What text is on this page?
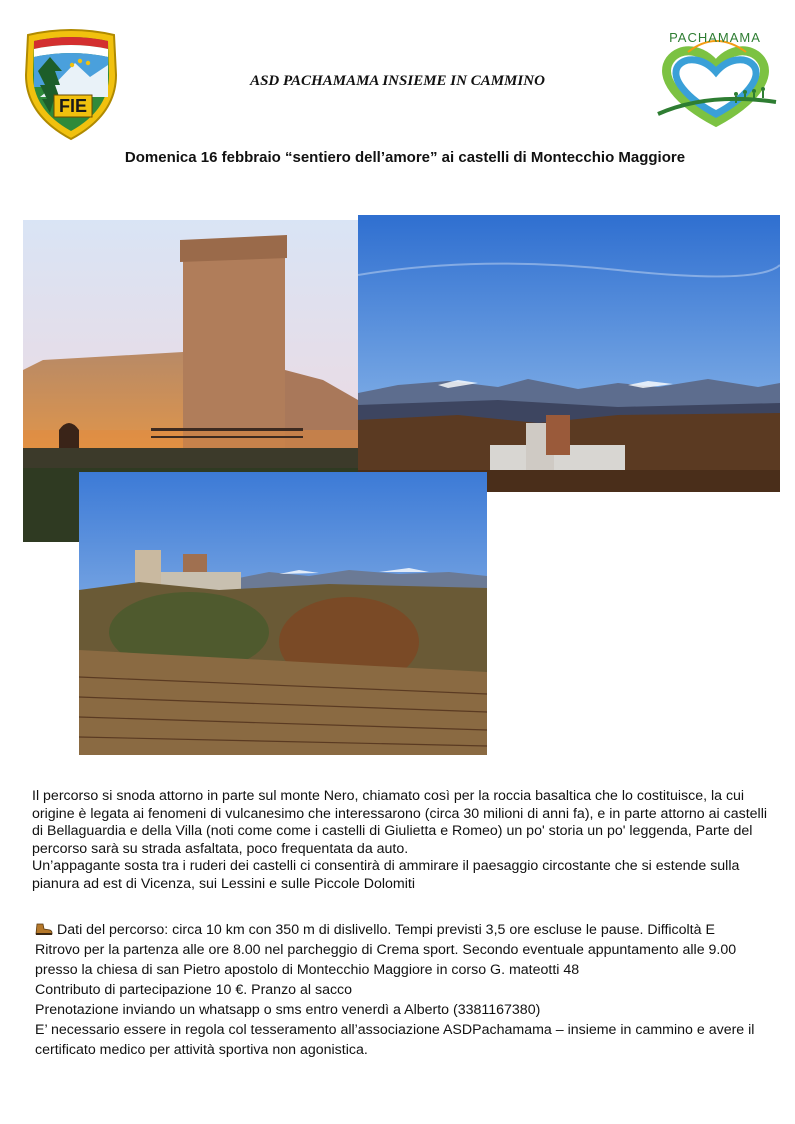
FIE
ASD PACHAMAMA INSIEME IN CAMMINO
PACHAMAMA
Domenica 16 febbraio “sentiero dell’amore” ai castelli di Montecchio Maggiore

Il percorso si snoda attorno in parte sul monte Nero, chiamato così per la roccia basaltica che lo costituisce, la cui origine è legata ai fenomeni di vulcanesimo che interessarono (circa 30 milioni di anni fa), e in parte attorno ai castelli di Bellaguardia e della Villa (noti come come i castelli di Giulietta e Romeo) un po' storia un po' leggenda, Parte del percorso sarà su strada asfaltata, poco frequentata da auto.

Un’appagante sosta tra i ruderi dei castelli ci consentirà di ammirare il paesaggio circostante che si estende sulla pianura ad est di Vicenza, sui Lessini e sulle Piccole Dolomiti

Dati del percorso: circa 10 km con 350 m di dislivello. Tempi previsti 3,5 ore escluse le pause. Difficoltà E

Ritrovo per la partenza alle ore 8.00 nel parcheggio di Crema sport. Secondo eventuale appuntamento alle 9.00 presso la chiesa di san Pietro apostolo di Montecchio Maggiore in corso G. mateotti 48

Contributo di partecipazione 10 €. Pranzo al sacco

Prenotazione inviando un whatsapp o sms entro venerdì a Alberto (3381167380)

E’ necessario essere in regola col tesseramento all’associazione ASDPachamama – insieme in cammino e avere il certificato medico per attività sportiva non agonistica.
